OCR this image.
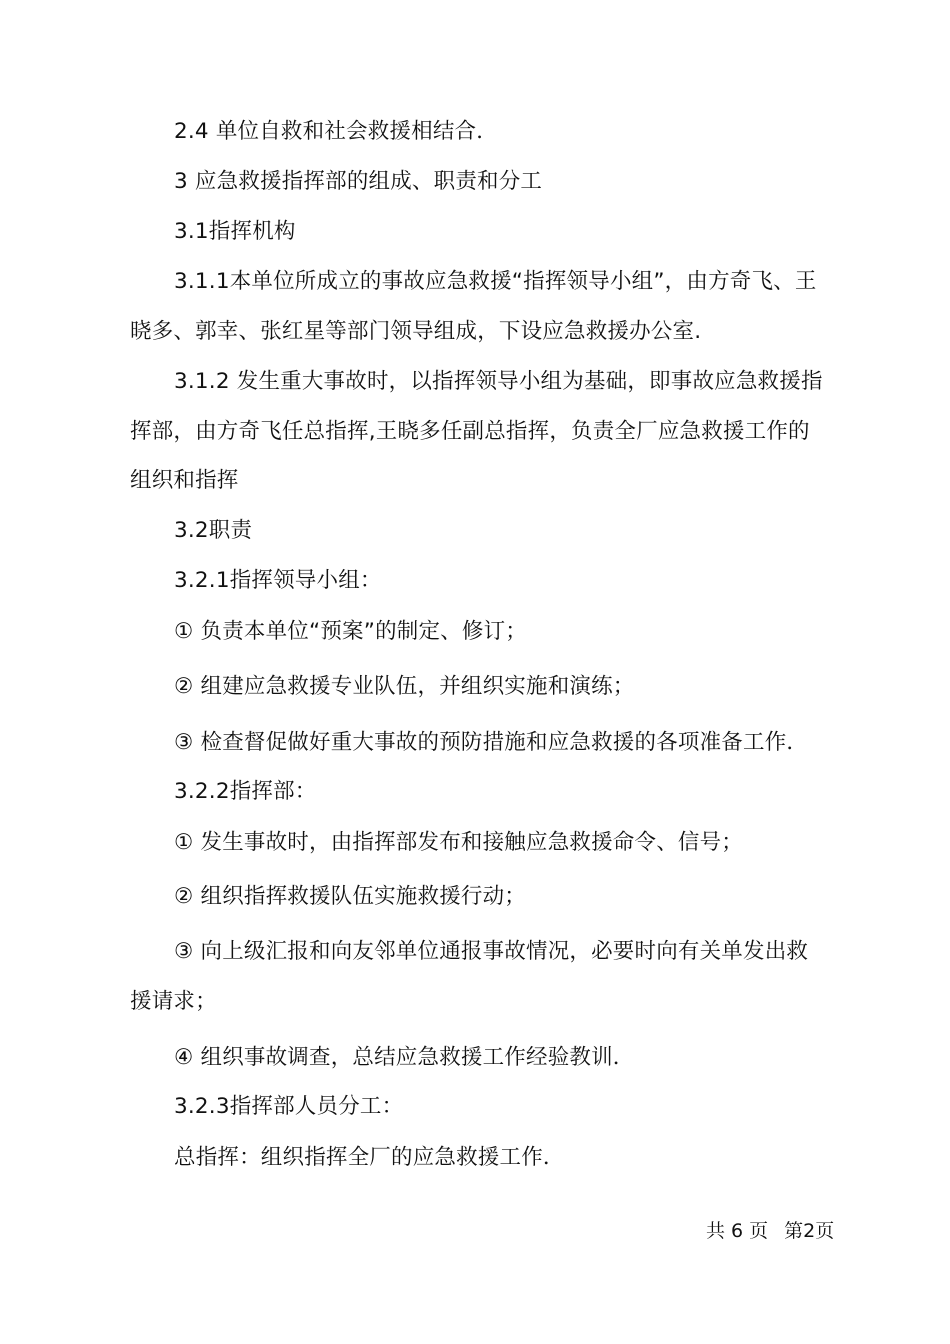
2.4 单位自救和社会救援相结合．
3 应急救援指挥部的组成、职责和分工
3.1指挥机构
3.1.1本单位所成立的事故应急救援“指挥领导小组”，由方奇飞、王
晓多、郭幸、张红星等部门领导组成，下设应急救援办公室.
3.1.2 发生重大事故时，以指挥领导小组为基础，即事故应急救援指
挥部，由方奇飞任总指挥,王晓多任副总指挥，负责全厂应急救援工作的
组织和指挥
3.2职责
3.2.1指挥领导小组：
① 负责本单位“预案”的制定、修订；
② 组建应急救援专业队伍，并组织实施和演练；
③ 检查督促做好重大事故的预防措施和应急救援的各项准备工作．
3.2.2指挥部：
① 发生事故时，由指挥部发布和接触应急救援命令、信号；
② 组织指挥救援队伍实施救援行动；
③ 向上级汇报和向友邻单位通报事故情况，必要时向有关单发出救
援请求；
④ 组织事故调查，总结应急救援工作经验教训．
3.2.3指挥部人员分工：
总指挥：组织指挥全厂的应急救援工作．
共 6 页 第2页
